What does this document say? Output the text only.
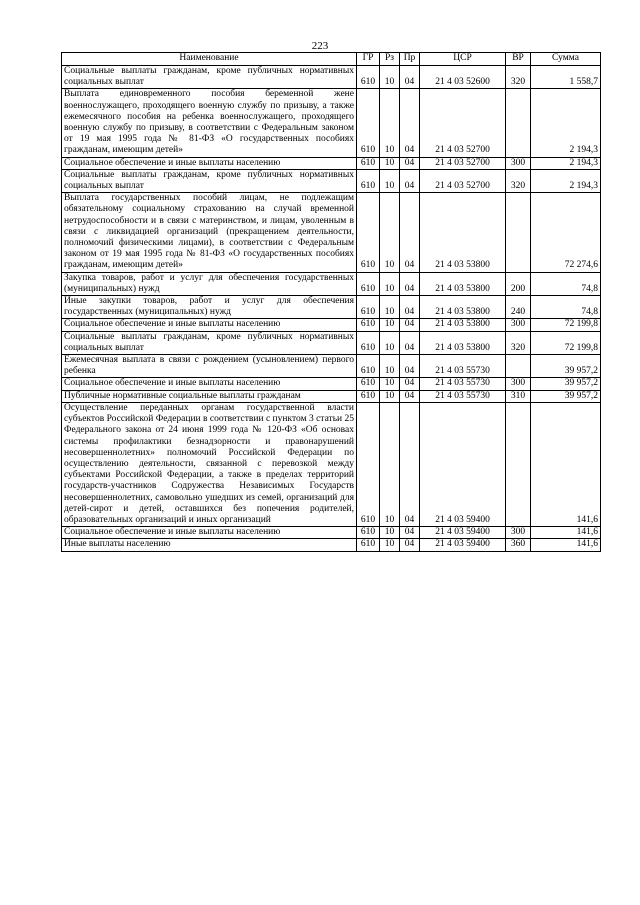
223
Наименование	ГР	Рз	Пр	ЦСР	ВР	Сумма
Социальные выплаты гражданам, кроме публичных нормативных социальных выплат	610	10	04	21 4 03 52600	320	1 558,7
Выплата единовременного пособия беременной жене военнослужащего, проходящего военную службу по призыву, а также ежемесячного пособия на ребенка военнослужащего, проходящего военную службу по призыву, в соответствии с Федеральным законом от 19 мая 1995 года № 81-ФЗ «О государственных пособиях гражданам, имеющим детей»	610	10	04	21 4 03 52700		2 194,3
Социальное обеспечение и иные выплаты населению	610	10	04	21 4 03 52700	300	2 194,3
Социальные выплаты гражданам, кроме публичных нормативных социальных выплат	610	10	04	21 4 03 52700	320	2 194,3
Выплата государственных пособий лицам, не подлежащим обязательному социальному страхованию на случай временной нетрудоспособности и в связи с материнством, и лицам, уволенным в связи с ликвидацией организаций (прекращением деятельности, полномочий физическими лицами), в соответствии с Федеральным законом от 19 мая 1995 года № 81-ФЗ «О государственных пособиях гражданам, имеющим детей»	610	10	04	21 4 03 53800		72 274,6
Закупка товаров, работ и услуг для обеспечения государственных (муниципальных) нужд	610	10	04	21 4 03 53800	200	74,8
Иные закупки товаров, работ и услуг для обеспечения государственных (муниципальных) нужд	610	10	04	21 4 03 53800	240	74,8
Социальное обеспечение и иные выплаты населению	610	10	04	21 4 03 53800	300	72 199,8
Социальные выплаты гражданам, кроме публичных нормативных социальных выплат	610	10	04	21 4 03 53800	320	72 199,8
Ежемесячная выплата в связи с рождением (усыновлением) первого ребенка	610	10	04	21 4 03 55730		39 957,2
Социальное обеспечение и иные выплаты населению	610	10	04	21 4 03 55730	300	39 957,2
Публичные нормативные социальные выплаты гражданам	610	10	04	21 4 03 55730	310	39 957,2
Осуществление переданных органам государственной власти субъектов Российской Федерации в соответствии с пунктом 3 статьи 25 Федерального закона от 24 июня 1999 года № 120-ФЗ «Об основах системы профилактики безнадзорности и правонарушений несовершеннолетних» полномочий Российской Федерации по осуществлению деятельности, связанной с перевозкой между субъектами Российской Федерации, а также в пределах территорий государств-участников Содружества Независимых Государств несовершеннолетних, самовольно ушедших из семей, организаций для детей-сирот и детей, оставшихся без попечения родителей, образовательных организаций и иных организаций	610	10	04	21 4 03 59400		141,6
Социальное обеспечение и иные выплаты населению	610	10	04	21 4 03 59400	300	141,6
Иные выплаты населению	610	10	04	21 4 03 59400	360	141,6
